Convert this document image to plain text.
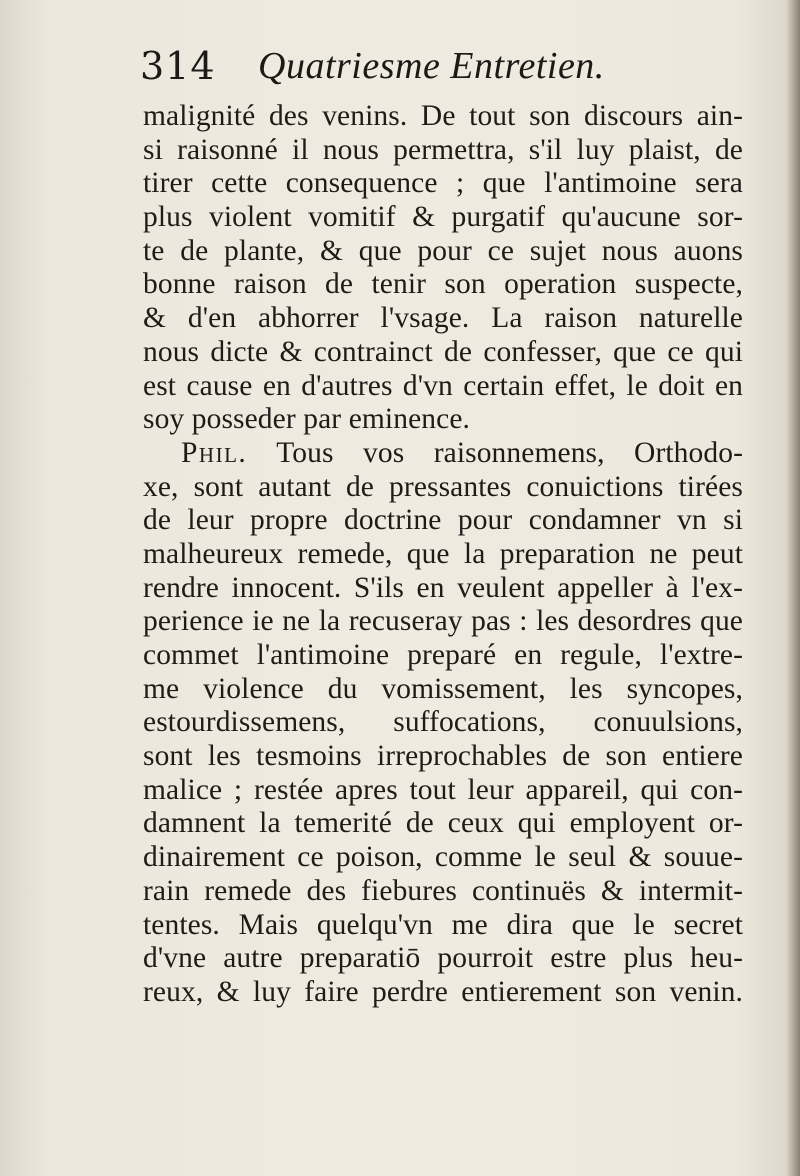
314 Quatriesme Entretien.
malignité des venins. De tout son discours ain-
si raisonné il nous permettra, s'il luy plaist, de
tirer cette consequence ; que l'antimoine sera
plus violent vomitif & purgatif qu'aucune sor-
te de plante, & que pour ce sujet nous auons
bonne raison de tenir son operation suspecte,
& d'en abhorrer l'vsage. La raison naturelle
nous dicte & contrainct de confesser, que ce qui
est cause en d'autres d'vn certain effet, le doit en
soy posseder par eminence.
Phil. Tous vos raisonnemens, Orthodo-
xe, sont autant de pressantes conuictions tirées
de leur propre doctrine pour condamner vn si
malheureux remede, que la preparation ne peut
rendre innocent. S'ils en veulent appeller à l'ex-
perience ie ne la recuseray pas : les desordres que
commet l'antimoine preparé en regule, l'extre-
me violence du vomissement, les syncopes,
estourdissemens, suffocations, conuulsions,
sont les tesmoins irreprochables de son entiere
malice ; restée apres tout leur appareil, qui con-
damnent la temerité de ceux qui employent or-
dinairement ce poison, comme le seul & souue-
rain remede des fiebures continuës & intermit-
tentes. Mais quelqu'vn me dira que le secret
d'vne autre preparatiō pourroit estre plus heu-
reux, & luy faire perdre entierement son venin.
